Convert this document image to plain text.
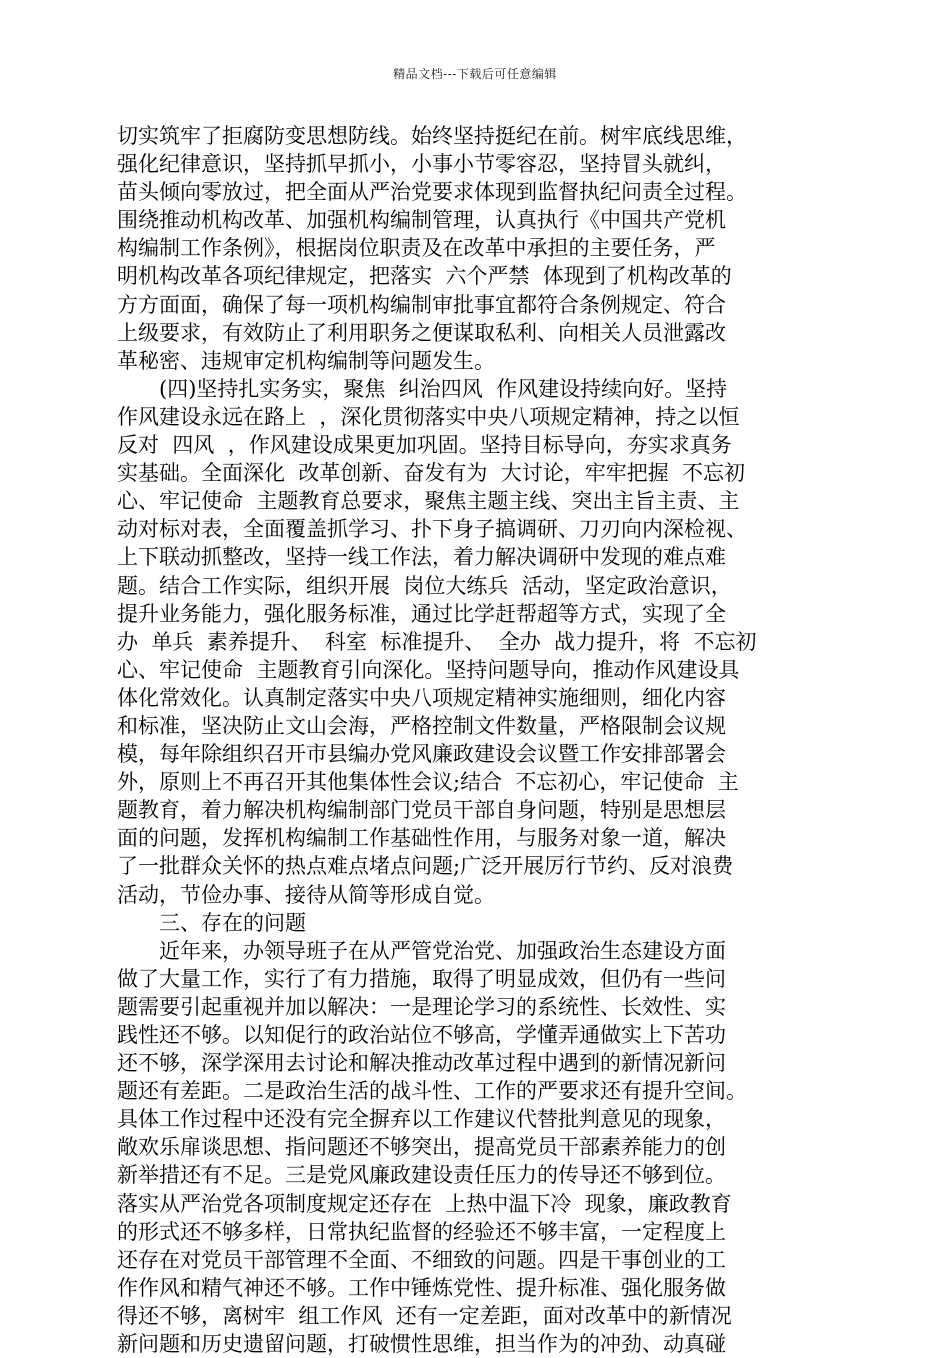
精品文档---下载后可任意编辑
切实筑牢了拒腐防变思想防线。始终坚持挺纪在前。树牢底线思维，
强化纪律意识，坚持抓早抓小，小事小节零容忍，坚持冒头就纠，
苗头倾向零放过，把全面从严治党要求体现到监督执纪问责全过程。
围绕推动机构改革、加强机构编制管理，认真执行《中国共产党机
构编制工作条例》，根据岗位职责及在改革中承担的主要任务，严
明机构改革各项纪律规定，把落实  六个严禁  体现到了机构改革的
方方面面，确保了每一项机构编制审批事宜都符合条例规定、符合
上级要求，有效防止了利用职务之便谋取私利、向相关人员泄露改
革秘密、违规审定机构编制等问题发生。
　　(四)坚持扎实务实，聚焦  纠治四风  作风建设持续向好。坚持
作风建设永远在路上  ，深化贯彻落实中央八项规定精神，持之以恒
反对  四风  ，作风建设成果更加巩固。坚持目标导向，夯实求真务
实基础。全面深化  改革创新、奋发有为  大讨论，牢牢把握  不忘初
心、牢记使命  主题教育总要求，聚焦主题主线、突出主旨主责、主
动对标对表，全面覆盖抓学习、扑下身子搞调研、刀刃向内深检视、
上下联动抓整改，坚持一线工作法，着力解决调研中发现的难点难
题。结合工作实际，组织开展  岗位大练兵  活动，坚定政治意识，
提升业务能力，强化服务标准，通过比学赶帮超等方式，实现了全
办  单兵  素养提升、  科室  标准提升、  全办  战力提升，将  不忘初
心、牢记使命  主题教育引向深化。坚持问题导向，推动作风建设具
体化常效化。认真制定落实中央八项规定精神实施细则，细化内容
和标准，坚决防止文山会海，严格控制文件数量，严格限制会议规
模，每年除组织召开市县编办党风廉政建设会议暨工作安排部署会
外，原则上不再召开其他集体性会议;结合  不忘初心，牢记使命  主
题教育，着力解决机构编制部门党员干部自身问题，特别是思想层
面的问题，发挥机构编制工作基础性作用，与服务对象一道，解决
了一批群众关怀的热点难点堵点问题;广泛开展厉行节约、反对浪费
活动，节俭办事、接待从简等形成自觉。
　　三、存在的问题
　　近年来，办领导班子在从严管党治党、加强政治生态建设方面
做了大量工作，实行了有力措施，取得了明显成效，但仍有一些问
题需要引起重视并加以解决：一是理论学习的系统性、长效性、实
践性还不够。以知促行的政治站位不够高，学懂弄通做实上下苦功
还不够，深学深用去讨论和解决推动改革过程中遇到的新情况新问
题还有差距。二是政治生活的战斗性、工作的严要求还有提升空间。
具体工作过程中还没有完全摒弃以工作建议代替批判意见的现象，
敞欢乐扉谈思想、指问题还不够突出，提高党员干部素养能力的创
新举措还有不足。三是党风廉政建设责任压力的传导还不够到位。
落实从严治党各项制度规定还存在  上热中温下冷  现象，廉政教育
的形式还不够多样，日常执纪监督的经验还不够丰富，一定程度上
还存在对党员干部管理不全面、不细致的问题。四是干事创业的工
作作风和精气神还不够。工作中锤炼党性、提升标准、强化服务做
得还不够，离树牢  组工作风  还有一定差距，面对改革中的新情况
新问题和历史遗留问题，打破惯性思维，担当作为的冲劲、动真碰
